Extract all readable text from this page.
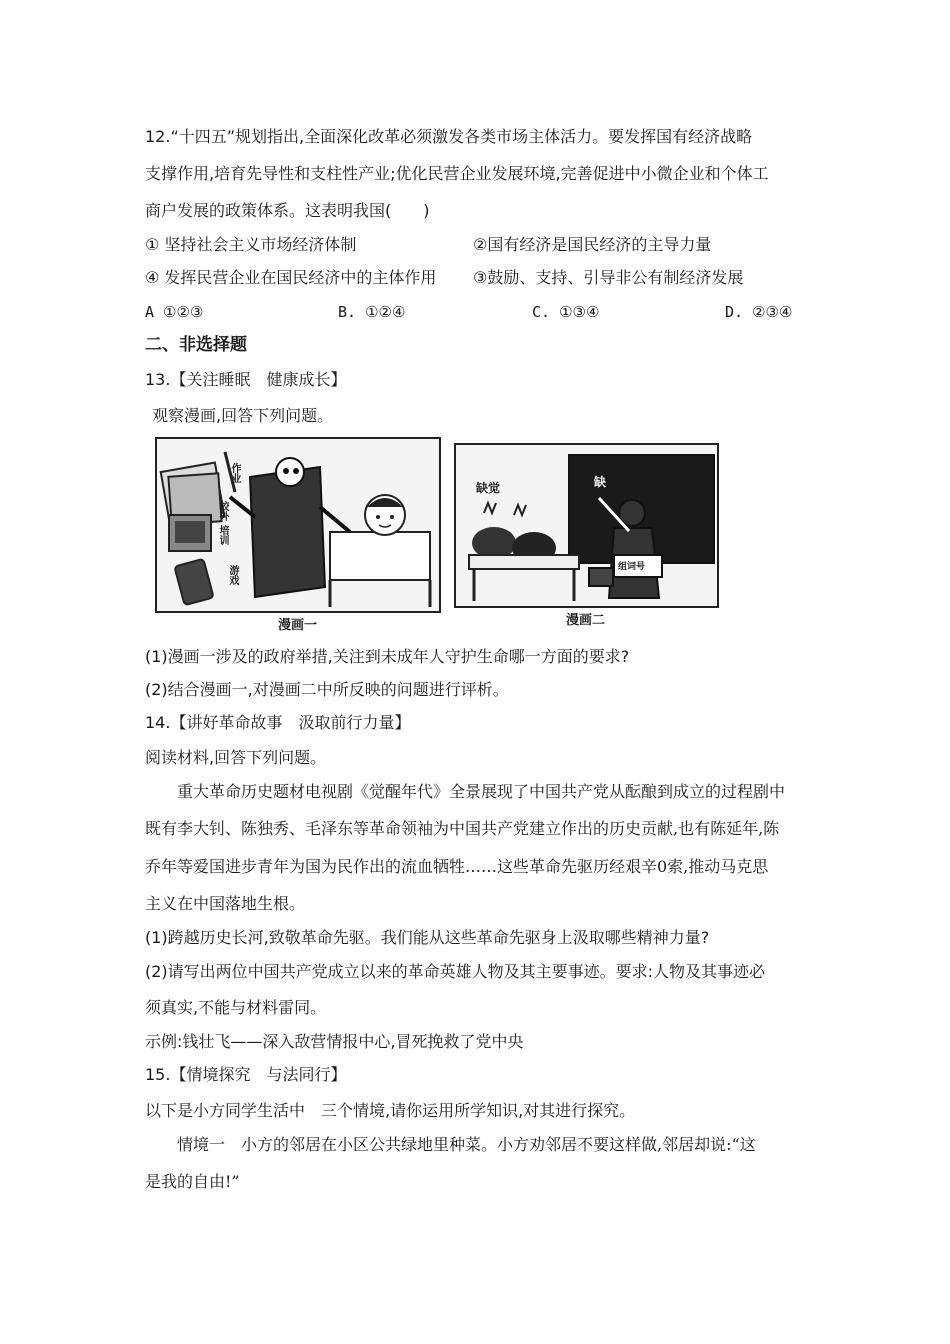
12.“十四五”规划指出,全面深化改革必须激发各类市场主体活力。要发挥国有经济战略
支撑作用,培育先导性和支柱性产业;优化民营企业发展环境,完善促进中小微企业和个体工
商户发展的政策体系。这表明我国(　　)
① 坚持社会主义市场经济体制	②国有经济是国民经济的主导力量
④ 发挥民营企业在国民经济中的主体作用 ③鼓励、支持、引导非公有制经济发展
A ①②③	B. ①②④	C. ①③④	D. ②③④
二、非选择题
13.【关注睡眠　健康成长】
观察漫画,回答下列问题。
作业
校外
培训
游戏
漫画一
缺觉	缺
组词号
漫画二
(1)漫画一涉及的政府举措,关注到未成年人守护生命哪一方面的要求?
(2)结合漫画一,对漫画二中所反映的问题进行评析。
14.【讲好革命故事　汲取前行力量】
阅读材料,回答下列问题。
　　重大革命历史题材电视剧《觉醒年代》全景展现了中国共产党从酝酿到成立的过程剧中
既有李大钊、陈独秀、毛泽东等革命领袖为中国共产党建立作出的历史贡献,也有陈延年,陈
乔年等爱国进步青年为国为民作出的流血牺牲……这些革命先驱历经艰辛0索,推动马克思
主义在中国落地生根。
(1)跨越历史长河,致敬革命先驱。我们能从这些革命先驱身上汲取哪些精神力量?
(2)请写出两位中国共产党成立以来的革命英雄人物及其主要事迹。要求:人物及其事迹必
须真实,不能与材料雷同。
示例:钱壮飞——深入敌营情报中心,冒死挽救了党中央
15.【情境探究　与法同行】
以下是小方同学生活中　三个情境,请你运用所学知识,对其进行探究。
　　情境一　小方的邻居在小区公共绿地里种菜。小方劝邻居不要这样做,邻居却说:“这
是我的自由!”
